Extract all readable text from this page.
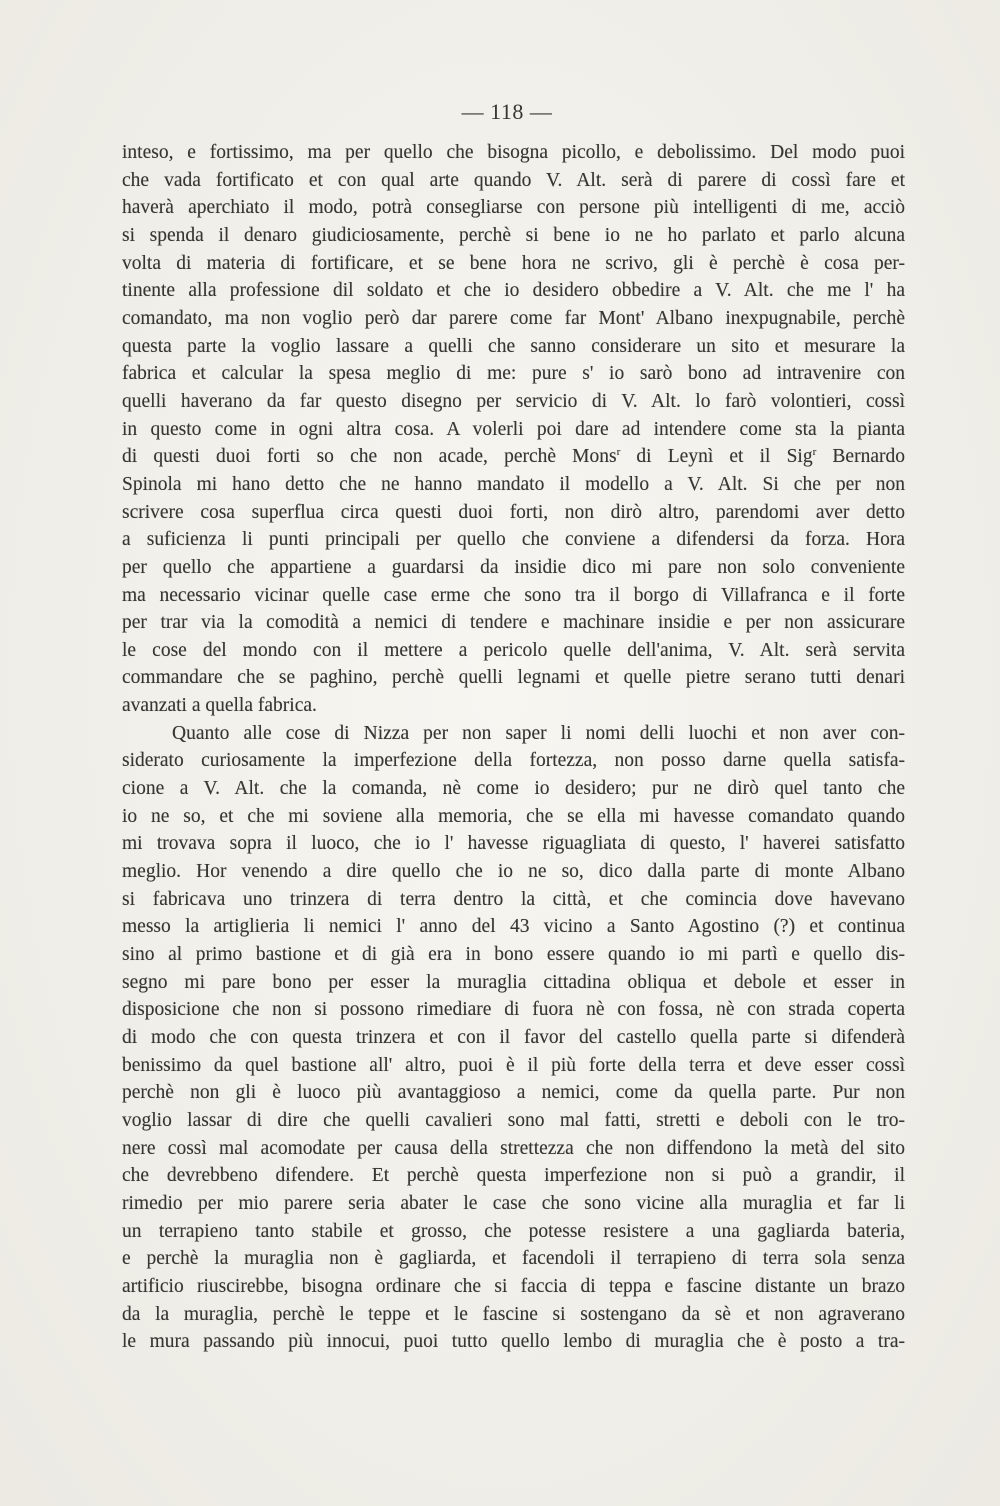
— 118 —
inteso, e fortissimo, ma per quello che bisogna picollo, e debolissimo. Del modo puoi
che vada fortificato et con qual arte quando V. Alt. serà di parere di cossì fare et
haverà aperchiato il modo, potrà consegliarse con persone più intelligenti di me, acciò
si spenda il denaro giudiciosamente, perchè si bene io ne ho parlato et parlo alcuna
volta di materia di fortificare, et se bene hora ne scrivo, gli è perchè è cosa per-
tinente alla professione dil soldato et che io desidero obbedire a V. Alt. che me l' ha
comandato, ma non voglio però dar parere come far Mont' Albano inexpugnabile, perchè
questa parte la voglio lassare a quelli che sanno considerare un sito et mesurare la
fabrica et calcular la spesa meglio di me: pure s' io sarò bono ad intravenire con
quelli haverano da far questo disegno per servicio di V. Alt. lo farò volontieri, cossì
in questo come in ogni altra cosa. A volerli poi dare ad intendere come sta la pianta
di questi duoi forti so che non acade, perchè Mons$^r$ di Leynì et il Sig$^r$ Bernardo
Spinola mi hano detto che ne hanno mandato il modello a V. Alt. Si che per non
scrivere cosa superflua circa questi duoi forti, non dirò altro, parendomi aver detto
a suficienza li punti principali per quello che conviene a difendersi da forza. Hora
per quello che appartiene a guardarsi da insidie dico mi pare non solo conveniente
ma necessario vicinar quelle case erme che sono tra il borgo di Villafranca e il forte
per trar via la comodità a nemici di tendere e machinare insidie e per non assicurare
le cose del mondo con il mettere a pericolo quelle dell'anima, V. Alt. serà servita
commandare che se paghino, perchè quelli legnami et quelle pietre serano tutti denari
avanzati a quella fabrica.
Quanto alle cose di Nizza per non saper li nomi delli luochi et non aver con-
siderato curiosamente la imperfezione della fortezza, non posso darne quella satisfa-
cione a V. Alt. che la comanda, nè come io desidero; pur ne dirò quel tanto che
io ne so, et che mi soviene alla memoria, che se ella mi havesse comandato quando
mi trovava sopra il luoco, che io l' havesse riguagliata di questo, l' haverei satisfatto
meglio. Hor venendo a dire quello che io ne so, dico dalla parte di monte Albano
si fabricava uno trinzera di terra dentro la città, et che comincia dove havevano
messo la artiglieria li nemici l' anno del 43 vicino a Santo Agostino (?) et continua
sino al primo bastione et di già era in bono essere quando io mi partì e quello dis-
segno mi pare bono per esser la muraglia cittadina obliqua et debole et esser in
disposicione che non si possono rimediare di fuora nè con fossa, nè con strada coperta
di modo che con questa trinzera et con il favor del castello quella parte si difenderà
benissimo da quel bastione all' altro, puoi è il più forte della terra et deve esser cossì
perchè non gli è luoco più avantaggioso a nemici, come da quella parte. Pur non
voglio lassar di dire che quelli cavalieri sono mal fatti, stretti e deboli con le tro-
nere cossì mal acomodate per causa della strettezza che non diffendono la metà del sito
che devrebbeno difendere. Et perchè questa imperfezione non si può a grandir, il
rimedio per mio parere seria abater le case che sono vicine alla muraglia et far li
un terrapieno tanto stabile et grosso, che potesse resistere a una gagliarda bateria,
e perchè la muraglia non è gagliarda, et facendoli il terrapieno di terra sola senza
artificio riuscirebbe, bisogna ordinare che si faccia di teppa e fascine distante un brazo
da la muraglia, perchè le teppe et le fascine si sostengano da sè et non agraverano
le mura passando più innocui, puoi tutto quello lembo di muraglia che è posto a tra-
